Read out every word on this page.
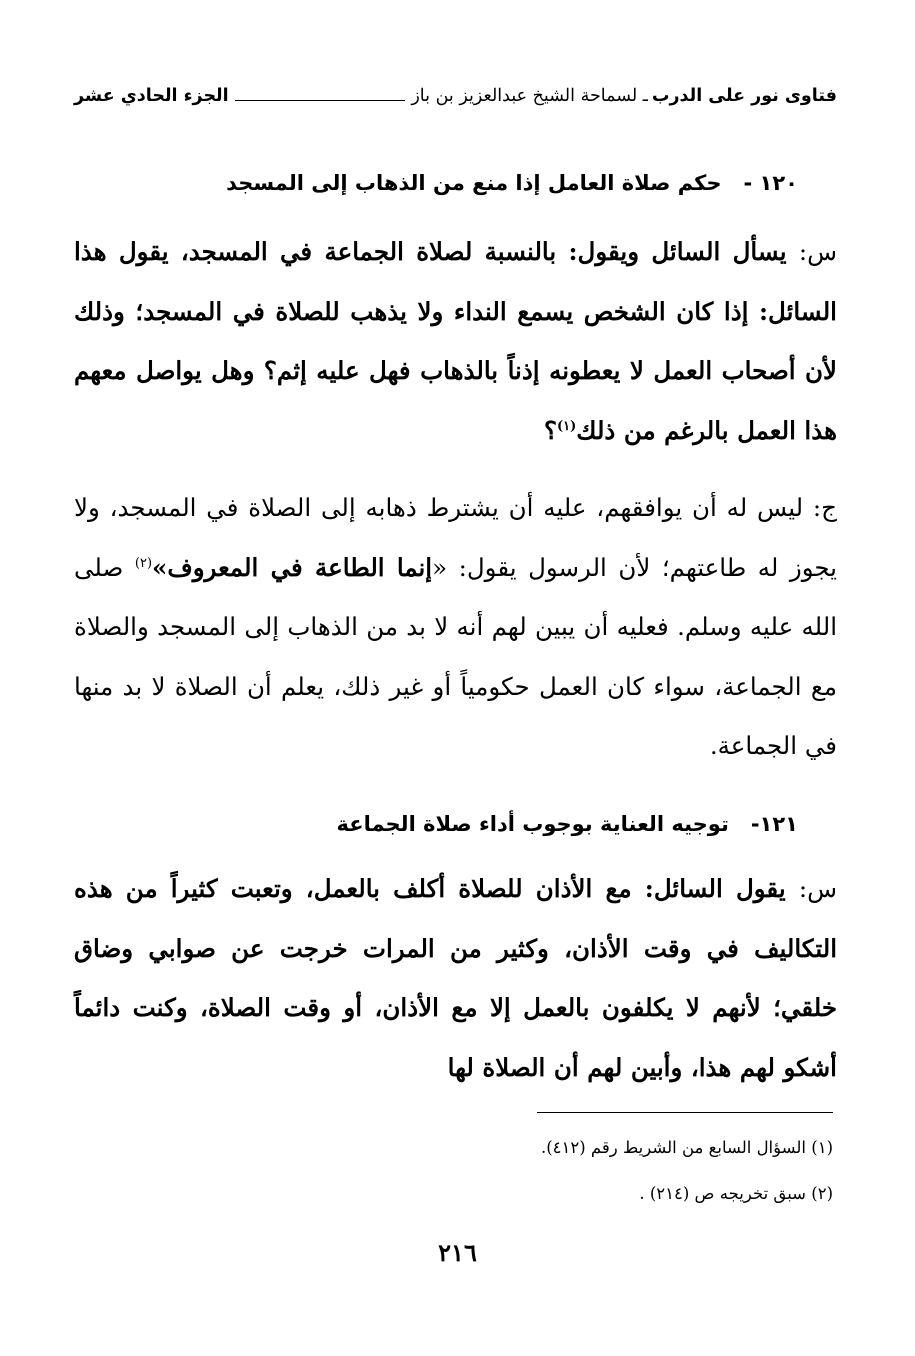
فتاوى نور على الدرب
ـ لسماحة الشيخ عبدالعزيز بن باز
الجزء الحادي عشر
١٢٠ -حكم صلاة العامل إذا منع من الذهاب إلى المسجد
س: يسأل السائل ويقول: بالنسبة لصلاة الجماعة في المسجد، يقول هذا السائل: إذا كان الشخص يسمع النداء ولا يذهب للصلاة في المسجد؛ وذلك لأن أصحاب العمل لا يعطونه إذناً بالذهاب فهل عليه إثم؟ وهل يواصل معهم هذا العمل بالرغم من ذلك$^{(١)}$؟
ج: ليس له أن يوافقهم، عليه أن يشترط ذهابه إلى الصلاة في المسجد، ولا يجوز له طاعتهم؛ لأن الرسول يقول: «إنما الطاعة في المعروف»$^{(٢)}$ صلى الله عليه وسلم. فعليه أن يبين لهم أنه لا بد من الذهاب إلى المسجد والصلاة مع الجماعة، سواء كان العمل حكومياً أو غير ذلك، يعلم أن الصلاة لا بد منها في الجماعة.
١٢١-توجيه العناية بوجوب أداء صلاة الجماعة
س: يقول السائل: مع الأذان للصلاة أكلف بالعمل، وتعبت كثيراً من هذه التكاليف في وقت الأذان، وكثير من المرات خرجت عن صوابي وضاق خلقي؛ لأنهم لا يكلفون بالعمل إلا مع الأذان، أو وقت الصلاة، وكنت دائماً أشكو لهم هذا، وأبين لهم أن الصلاة لها
(١) السؤال السابع من الشريط رقم (٤١٢).
(٢) سبق تخريجه ص (٢١٤) .
٢١٦
